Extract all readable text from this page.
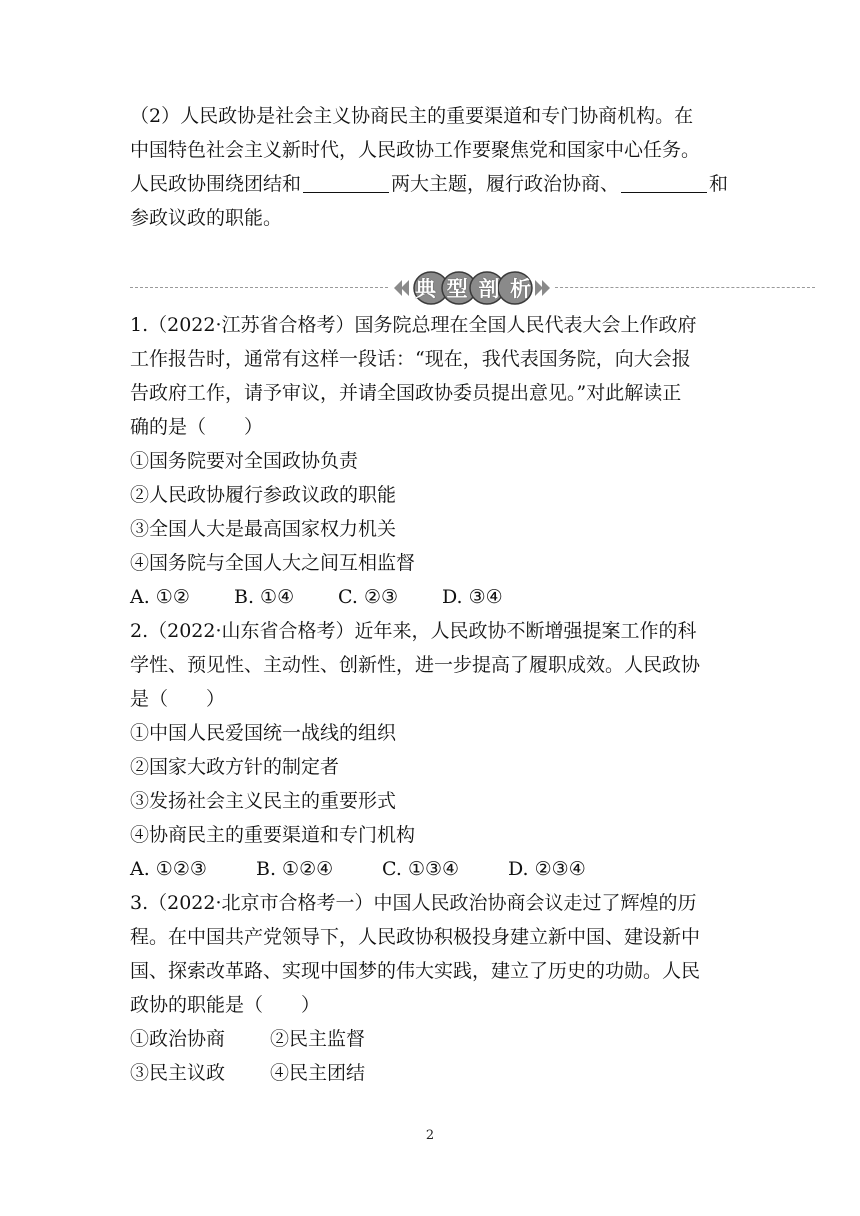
（2）人民政协是社会主义协商民主的重要渠道和专门协商机构。在
中国特色社会主义新时代，人民政协工作要聚焦党和国家中心任务。
人民政协围绕团结和	两大主题，履行政治协商、	和
参政议政的职能。
典 型 剖 析
1.（2022·江苏省合格考）国务院总理在全国人民代表大会上作政府
工作报告时，通常有这样一段话：“现在，我代表国务院，向大会报
告政府工作，请予审议，并请全国政协委员提出意见。”对此解读正
确的是（　　）
①国务院要对全国政协负责
②人民政协履行参政议政的职能
③全国人大是最高国家权力机关
④国务院与全国人大之间互相监督
A. ①② B. ①④ C. ②③ D. ③④
2.（2022·山东省合格考）近年来，人民政协不断增强提案工作的科
学性、预见性、主动性、创新性，进一步提高了履职成效。人民政协
是（　　）
①中国人民爱国统一战线的组织
②国家大政方针的制定者
③发扬社会主义民主的重要形式
④协商民主的重要渠道和专门机构
A. ①②③	B. ①②④	C. ①③④	D. ②③④
3.（2022·北京市合格考一）中国人民政治协商会议走过了辉煌的历
程。在中国共产党领导下，人民政协积极投身建立新中国、建设新中
国、探索改革路、实现中国梦的伟大实践，建立了历史的功勋。人民
政协的职能是（　　）
①政治协商 ②民主监督
③民主议政 ④民主团结
2
